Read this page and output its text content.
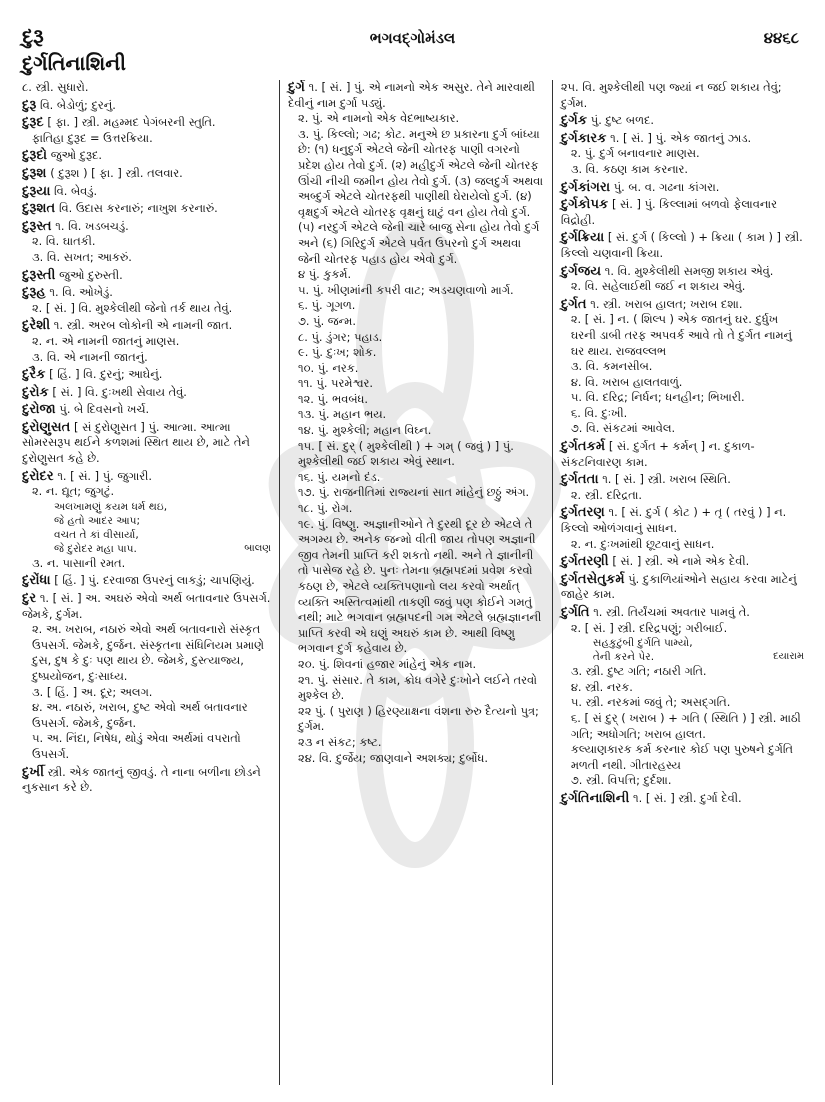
દુરૂ	ભગવદ્ગોમંડલ	૪૪૬૮
દુર્ગતિનાશિની

૮. સ્ત્રી. સુધારો.

દુરૂ વિ. બેડોળું; દુરનું.

દુરૂદ [ ફા. ] સ્ત્રી. મહમ્મદ પેગંબરની સ્તુતિ.

ફાતિહા દુરૂદ = ઉત્તરક્રિયા.

દુરૂદો જુઓ દુરૂદ.

દુરૂશ ( દુરૂશ ) [ ફા. ] સ્ત્રી. તલવાર.

દુરૂયા વિ. બેવડું.

દુરૂશત વિ. ઉદાસ કરનારું; નાખુશ કરનારું.

દુરૂસ્ત ૧. વિ. ખડબચડું.

૨. વિ. ઘાતકી.

૩. વિ. સખત; આકરું.

દુરૂસ્તી જુઓ દુરુસ્તી.

દુરૂહ ૧. વિ. ઓખેડું.

૨. [ સં. ] વિ. મુશ્કેલીથી જેનો તર્ક થાય તેવું.

દુરેશી ૧. સ્ત્રી. અરબ લોકોની એ નામની જાત.

૨. ન. એ નામની જાતનું માણસ.

૩. વિ. એ નામની જાતનું.

દુરૈક [ હિં. ] વિ. દુરનું; આઘેનું.

દુરોક [ સં. ] વિ. દુઃખથી સેવાય તેવું.

દુરોજા પું. બે દિવસનો ખર્ચ.

દુરોણુસત [ સં દુરોણુસત ] પું. આત્મા. આત્મા સોમરસરૂપ થઈને કળશમાં સ્થિત થાય છે, માટે તેને દુરોણુસત કહે છે.

દુરોદર ૧. [ સં. ] પું. જુગારી.

૨. ન. દ્યૂત; જુગટું.

અલખામણું કયમ ધર્મ થઇ,

જે હતો આદર આપ;

વચત તે કાં વીસાર્યા,

જે દુરોદર મહા પાપ.	બાલણ

૩. ન. પાસાની રમત.

દુરોંધા [ હિં. ] પું. દરવાજા ઉપરનું લાકડું; ચાપણિયું.

દુર ૧. [ સં. ] અ. અઘરું એવો અર્થ બતાવનાર ઉપસર્ગ. જેમકે, દુર્ગમ.

૨. અ. ખરાબ, નઠારું એવો અર્થ બતાવનારો સંસ્કૃત ઉપસર્ગ. જેમકે, દુર્જન. સંસ્કૃતના સંધિનિયમ પ્રમાણે દુસ, દુષ કે દુઃ પણ થાય છે. જેમકે, દુસ્ત્યાજ્ય, દુષ્પ્રયોજન, દુઃસાધ્ય.

૩. [ હિં. ] અ. દૂર; અલગ.

૪. અ. નઠારું, ખરાબ, દુષ્ટ એવો અર્થ બતાવનાર ઉપસર્ગ. જેમકે, દુર્જન.

૫. અ. નિંદા, નિષેધ, થોડું એવા અર્થમાં વપરાતો ઉપસર્ગ.

દુર્ખી સ્ત્રી. એક જાતનું જીવડું. તે નાના બળીના છોડને નુકસાન કરે છે.

દુર્ગ ૧. [ સં. ] પું. એ નામનો એક અસુર. તેને મારવાથી દેવીનું નામ દુર્ગા પડ્યું.

૨. પું. એ નામનો એક વેદભાષ્યકાર.

૩. પું. કિલ્લો; ગઢ; કોટ. મનુએ છ પ્રકારના દુર્ગ બાંધ્યા છે: (૧) ધનુદુર્ગ એટલે જેની ચોતરફ પાણી વગરનો પ્રદેશ હોય તેવો દુર્ગ. (૨) મહીદુર્ગ એટલે જેની ચોતરફ ઊંચી નીચી જમીન હોય તેવો દુર્ગ. (૩) જલદુર્ગ અથવા અબ્દુર્ગ એટલે ચોતરફથી પાણીથી ઘેરાયેલો દુર્ગ. (૪) વૃક્ષદુર્ગ એટલે ચોતરફ વૃક્ષનું ઘાટું વન હોય તેવો દુર્ગ. (૫) નરદુર્ગ એટલે જેની ચારે બાજુ સેના હોય તેવો દુર્ગ અને (૬) ગિરિદુર્ગ એટલે પર્વત ઉપરનો દુર્ગ અથવા જેની ચોતરફ પહાડ હોય એવો દુર્ગ.

૪ પું. કુકર્મ.

૫. પું. ખીણમાંની કપરી વાટ; અડચણવાળો માર્ગ.

૬. પું. ગૂગળ.

૭. પું. જન્મ.

૮. પું. ડુંગર; પહાડ.

૯. પું. દુઃખ; શોક.

૧૦. પું. નરક.

૧૧. પું. પરમેશ્વર.

૧૨. પું. ભવબંધ.

૧૩. પું. મહાન ભય.

૧૪. પું. મુશ્કેલી; મહાન વિઘ્ન.

૧૫. [ સં. દુર્ ( મુશ્કેલીથી ) + ગમ્ ( જવું ) ] પું. મુશ્કેલીથી જઈ શકાય એવું સ્થાન.

૧૬. પું. યમનો દંડ.

૧૭. પું. રાજનીતિમાં રાજ્યનાં સાત માંહેનું છઠ્ઠું અંગ.

૧૮. પું. રોગ.

૧૯. પું. વિષ્ણુ. અજ્ઞાનીઓને તે દુરથી દૂર છે એટલે તે અગમ્ય છે. અનેક જન્મો વીતી જાય તોપણ અજ્ઞાની જીવ તેમની પ્રાપ્તિ કરી શકતો નથી. અને તે જ્ઞાનીની તો પાસેજ રહે છે. પુનઃ તેમના બ્રહ્મપદમાં પ્રવેશ કરવો કઠણ છે, એટલે વ્યક્તિપણાનો લય કરવો અર્થાત્ વ્યક્તિ અસ્તિત્વમાંથી તાકણી જવું પણ કોઈને ગમતું નથી; માટે ભગવાન બ્રહ્મપદની ગમ એટલે બ્રહ્મજ્ઞાનની પ્રાપ્તિ કરવી એ ઘણું અઘરું કામ છે. આથી વિષ્ણુ ભગવાન દુર્ગ કહેવાય છે.

૨૦. પું. શિવનાં હજાર માંહેનું એક નામ.

૨૧. પું. સંસાર. તે કામ, ક્રોધ વગેરે દુઃખોને લઈને તરવો મુશ્કેલ છે.

૨૨ પું. ( પુરાણ ) હિરણ્યાક્ષના વંશના રુરુ દૈત્યનો પુત્ર; દુર્ગમ.

૨૩ ન સંકટ; કષ્ટ.

૨૪. વિ. દુર્જેય; જાણવાને અશક્ય; દુર્બોધ.

૨૫. વિ. મુશ્કેલીથી પણ જ્યાં ન જઈ શકાય તેવું; દુર્ગમ.

દુર્ગક પું. દુષ્ટ બળદ.

દુર્ગકારક ૧. [ સં. ] પું. એક જાતનું ઝાડ.

૨. પું. દુર્ગ બનાવનાર માણસ.

૩. વિ. કઠણ કામ કરનાર.

દુર્ગકાંગરા પું. બ. વ. ગઢના કાંગરા.

દુર્ગકોપક [ સં. ] પું. કિલ્લામાં બળવો ફેલાવનાર વિદ્રોહી.

દુર્ગક્રિયા [ સં. દુર્ગ ( કિલ્લો ) + ક્રિયા ( કામ ) ] સ્ત્રી. કિલ્લો ચણવાની ક્રિયા.

દુર્ગજય ૧. વિ. મુશ્કેલીથી સમજી શકાય એવું.

૨. વિ. સહેલાઈથી જઈ ન શકાય એવું.

દુર્ગત ૧. સ્ત્રી. ખરાબ હાલત; ખરાબ દશા.

૨. [ સં. ] ન. ( શિલ્પ ) એક જાતનું ઘર. દુર્ધુખ ઘરની ડાબી તરફ અપવર્ક આવે તો તે દુર્ગત નામનું ઘર થાય. રાજવલ્લભ

૩. વિ. કમનસીબ.

૪. વિ. ખરાબ હાલતવાળું.

૫. વિ. દરિદ્ર; નિર્ધન; ધનહીન; ભિખારી.

૬. વિ. દુઃખી.

૭. વિ. સંકટમાં આવેલ.

દુર્ગતકર્મ [ સં. દુર્ગત + કર્મન્ ] ન. દુકાળ-સંકટનિવારણ કામ.

દુર્ગતતા ૧. [ સં. ] સ્ત્રી. ખરાબ સ્થિતિ.

૨. સ્ત્રી. દરિદ્રતા.

દુર્ગતરણ ૧. [ સં. દુર્ગ ( કોટ ) + તૃ ( તરવું ) ] ન. કિલ્લો ઓળંગવાનું સાધન.

૨. ન. દુઃખમાંથી છૂટવાનું સાધન.

દુર્ગતરણી [ સં. ] સ્ત્રી. એ નામે એક દેવી.

દુર્ગતસેતુકર્મ પું. દુકાળિયાંઓને સહાય કરવા માટેનું જાહેર કામ.

દુર્ગતિ ૧. સ્ત્રી. તિર્યંચમાં અવતાર પામવું તે.

૨. [ સં. ] સ્ત્રી. દરિદ્રપણું; ગરીબાઈ.

સહકુટુંબી દુર્ગતિ પામ્યો,

તેની કરને પેર.	દયારામ

૩. સ્ત્રી. દુષ્ટ ગતિ; નઠારી ગતિ.

૪. સ્ત્રી. નરક.

૫. સ્ત્રી. નરકમાં જવું તે; અસદ્ગતિ.

૬. [ સં દુર્ ( ખરાબ ) + ગતિ ( સ્થિતિ ) ] સ્ત્રી. માઠી ગતિ; અધોગતિ; ખરાબ હાલત.

કલ્યાણકારક કર્મ કરનાર કોઈ પણ પુરુષને દુર્ગતિ મળતી નથી. ગીતારહસ્ય

૭. સ્ત્રી. વિપત્તિ; દુર્દશા.

દુર્ગતિનાશિની ૧. [ સં. ] સ્ત્રી. દુર્ગા દેવી.
